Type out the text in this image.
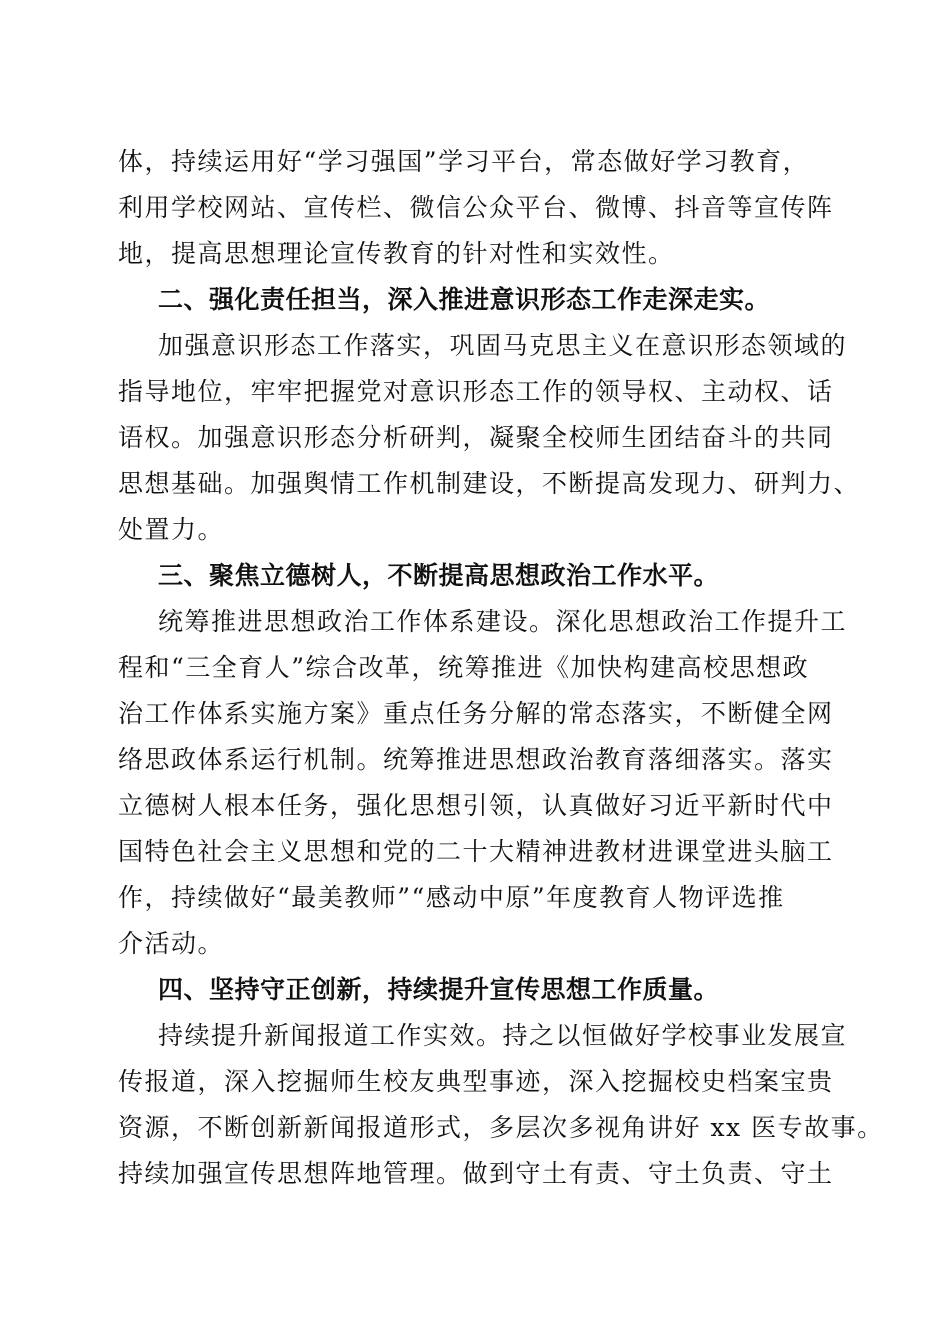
体，持续运用好“学习强国”学习平台，常态做好学习教育，
利用学校网站、宣传栏、微信公众平台、微博、抖音等宣传阵
地，提高思想理论宣传教育的针对性和实效性。
二、强化责任担当，深入推进意识形态工作走深走实。
加强意识形态工作落实，巩固马克思主义在意识形态领域的
指导地位，牢牢把握党对意识形态工作的领导权、主动权、话
语权。加强意识形态分析研判，凝聚全校师生团结奋斗的共同
思想基础。加强舆情工作机制建设，不断提高发现力、研判力、
处置力。
三、聚焦立德树人，不断提高思想政治工作水平。
统筹推进思想政治工作体系建设。深化思想政治工作提升工
程和“三全育人”综合改革，统筹推进《加快构建高校思想政
治工作体系实施方案》重点任务分解的常态落实，不断健全网
络思政体系运行机制。统筹推进思想政治教育落细落实。落实
立德树人根本任务，强化思想引领，认真做好习近平新时代中
国特色社会主义思想和党的二十大精神进教材进课堂进头脑工
作，持续做好“最美教师”“感动中原”年度教育人物评选推
介活动。
四、坚持守正创新，持续提升宣传思想工作质量。
持续提升新闻报道工作实效。持之以恒做好学校事业发展宣
传报道，深入挖掘师生校友典型事迹，深入挖掘校史档案宝贵
资源，不断创新新闻报道形式，多层次多视角讲好 xx 医专故事。
持续加强宣传思想阵地管理。做到守土有责、守土负责、守土
